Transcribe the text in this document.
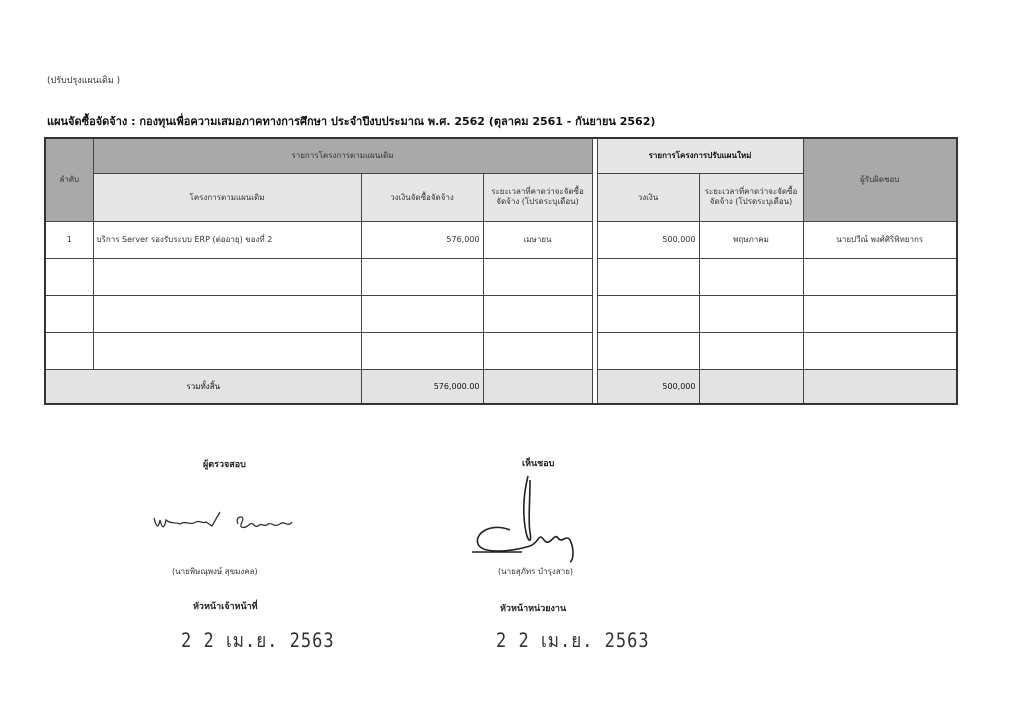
(ปรับปรุงแผนเดิม )
แผนจัดซื้อจัดจ้าง : กองทุนเพื่อความเสมอภาคทางการศึกษา ประจำปีงบประมาณ พ.ศ. 2562 (ตุลาคม 2561 - กันยายน 2562)
ลำดับ	รายการโครงการตามแผนเดิม				รายการโครงการปรับแผนใหม่		ผู้รับผิดชอบ
	โครงการตามแผนเดิม	วงเงินจัดซื้อจัดจ้าง	ระยะเวลาที่คาดว่าจะจัดซื้อจัดจ้าง (โปรดระบุเดือน)		วงเงิน	ระยะเวลาที่คาดว่าจะจัดซื้อจัดจ้าง (โปรดระบุเดือน)	
1	บริการ Server รองรับระบบ ERP (ต่ออายุ) ของที่ 2	576,000	เมษายน		500,000	พฤษภาคม	นายปวีณ์ พงศ์ศิริพิทยากร

รวมทั้งสิ้น		576,000.00			500,000		
ผู้ตรวจสอบ
(นายพิษณุพงษ์ สุขมงคล)
หัวหน้าเจ้าหน้าที่
2 2 เม.ย. 2563
เห็นชอบ
(นายสุภัทร บำรุงสาย)
หัวหน้าหน่วยงาน
2 2 เม.ย. 2563
